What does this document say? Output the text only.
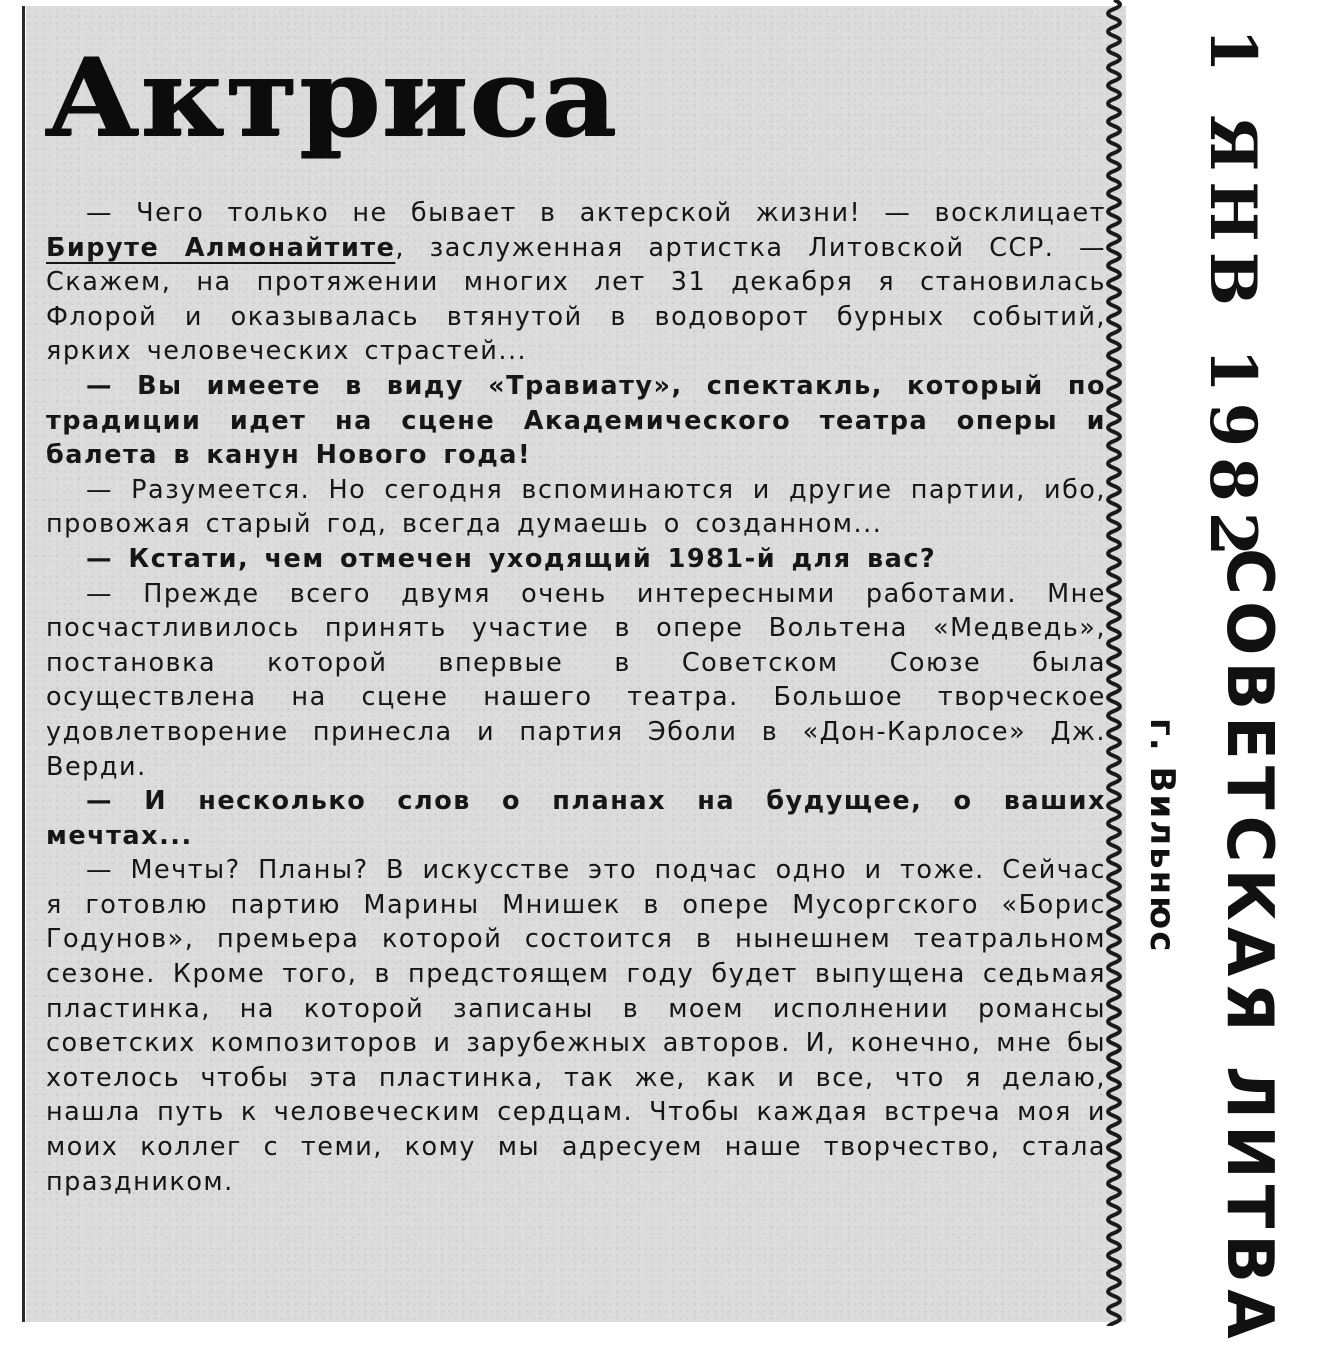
Актриса

— Чего только не бывает в актерской жизни! — восклицает Бируте Алмонайтите, заслуженная артистка Литовской ССР. — Скажем, на протяжении многих лет 31 декабря я становилась Флорой и оказывалась втянутой в водоворот бурных событий, ярких человеческих страстей...

— Вы имеете в виду «Травиату», спектакль, который по традиции идет на сцене Академического театра оперы и балета в канун Нового года!

— Разумеется. Но сегодня вспоминаются и другие партии, ибо, провожая старый год, всегда думаешь о созданном...

— Кстати, чем отмечен уходящий 1981-й для вас?

— Прежде всего двумя очень интересными работами. Мне посчастливилось принять участие в опере Вольтена «Медведь», постановка которой впервые в Советском Союзе была осуществлена на сцене нашего театра. Большое творческое удовлетворение принесла и партия Эболи в «Дон-Карлосе» Дж. Верди.

— И несколько слов о планах на будущее, о ваших мечтах...

— Мечты? Планы? В искусстве это подчас одно и тоже. Сейчас я готовлю партию Марины Мнишек в опере Мусоргского «Борис Годунов», премьера которой состоится в нынешнем театральном сезоне. Кроме того, в предстоящем году будет выпущена седьмая пластинка, на которой записаны в моем исполнении романсы советских композиторов и зарубежных авторов. И, конечно, мне бы хотелось чтобы эта пластинка, так же, как и все, что я делаю, нашла путь к человеческим сердцам. Чтобы каждая встреча моя и моих коллег с теми, кому мы адресуем наше творчество, стала праздником.

1 ЯНВ 1982
СОВЕТСКАЯ ЛИТВА
г. Вильнюс
